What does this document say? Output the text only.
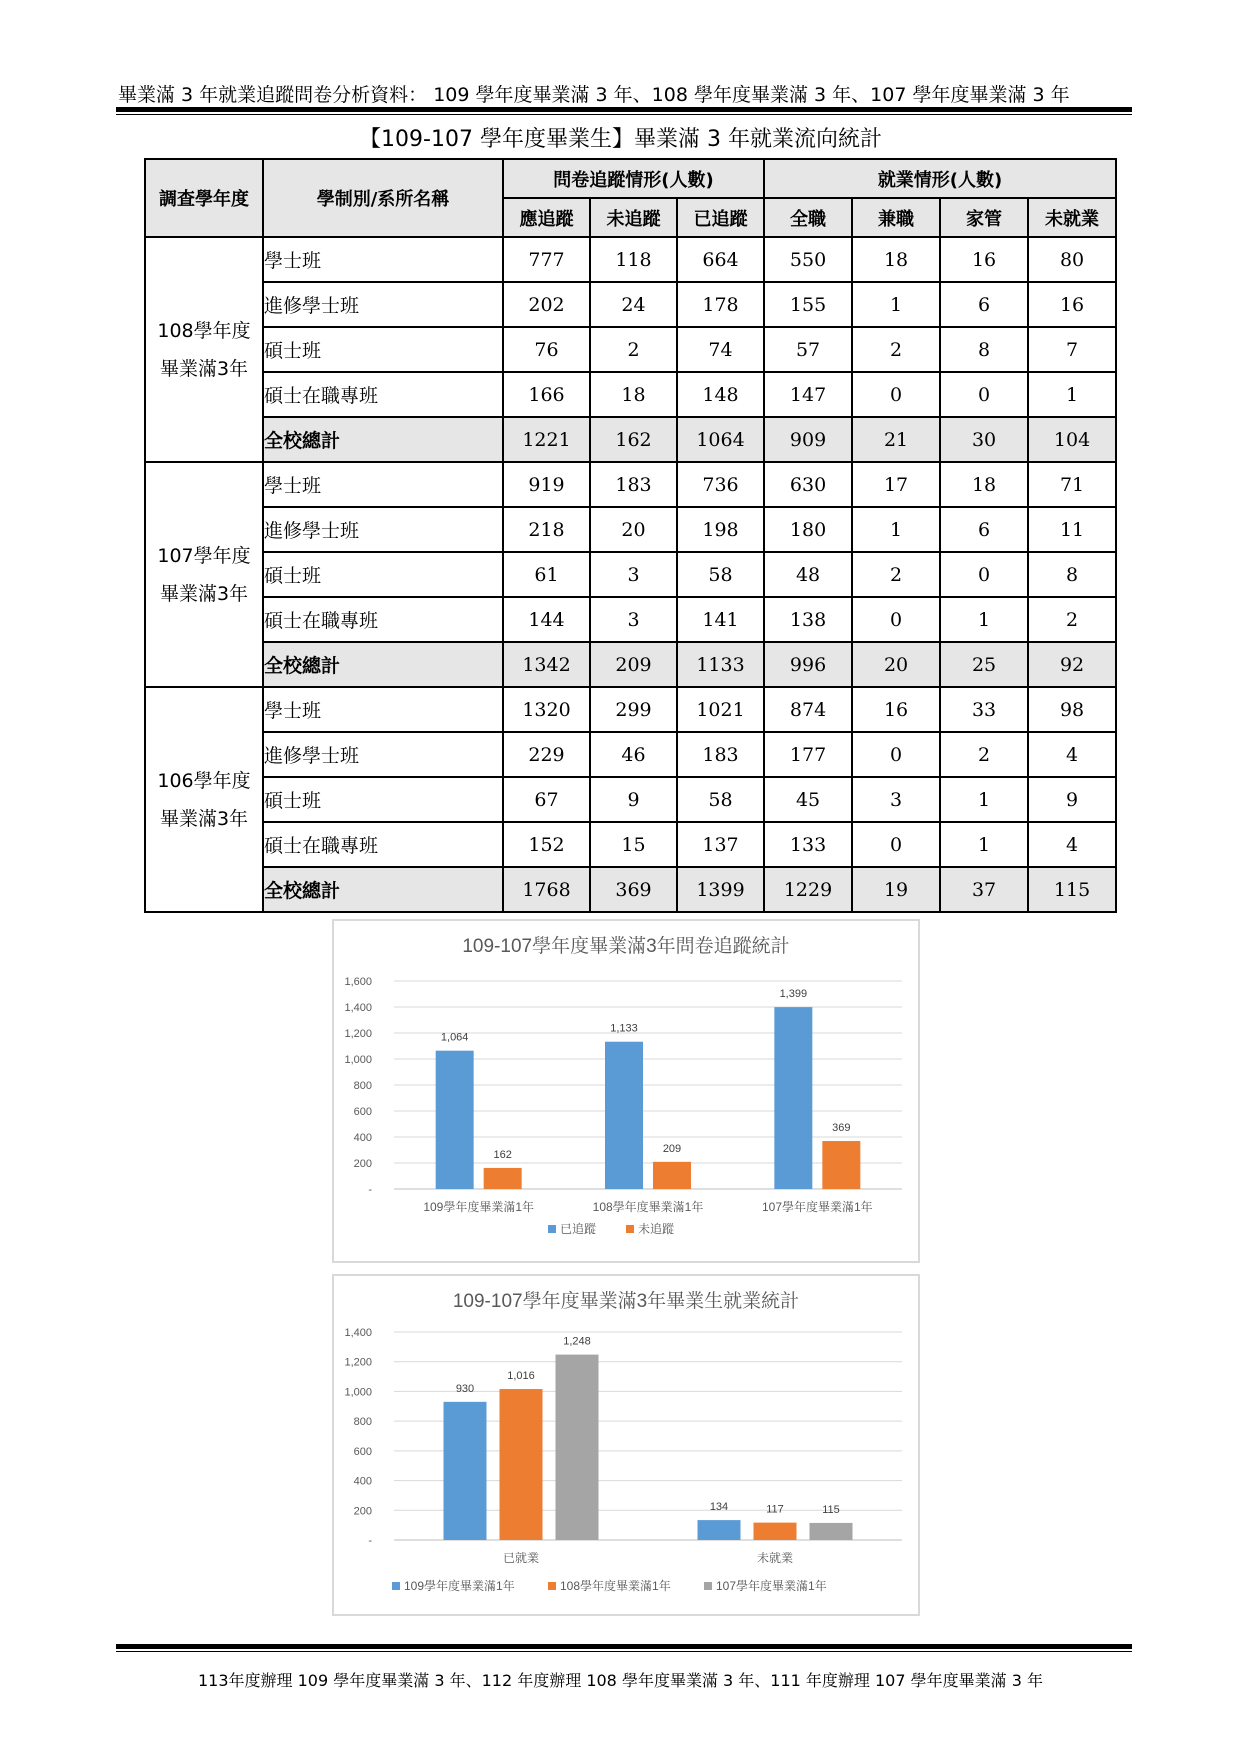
畢業滿 3 年就業追蹤問卷分析資料： 109 學年度畢業滿 3 年、108 學年度畢業滿 3 年、107 學年度畢業滿 3 年
【109-107 學年度畢業生】畢業滿 3 年就業流向統計
調查學年度	學制別/系所名稱	問卷追蹤情形(人數)			就業情形(人數)			
		應追蹤	未追蹤	已追蹤	全職	兼職	家管	未就業

108學年度
畢業滿3年	學士班	777	118	664	550	18	16	80
	進修學士班	202	24	178	155	1	6	16
	碩士班	76	2	74	57	2	8	7
	碩士在職專班	166	18	148	147	0	0	1
	全校總計	1221	162	1064	909	21	30	104

107學年度
畢業滿3年	學士班	919	183	736	630	17	18	71
	進修學士班	218	20	198	180	1	6	11
	碩士班	61	3	58	48	2	0	8
	碩士在職專班	144	3	141	138	0	1	2
	全校總計	1342	209	1133	996	20	25	92

106學年度
畢業滿3年	學士班	1320	299	1021	874	16	33	98
	進修學士班	229	46	183	177	0	2	4
	碩士班	67	9	58	45	3	1	9
	碩士在職專班	152	15	137	133	0	1	4
	全校總計	1768	369	1399	1229	19	37	115
109-107學年度畢業滿3年問卷追蹤統計
-
200
400
600
800
1,000
1,200
1,400
1,600
109學年度畢業滿1年
1,064
162
108學年度畢業滿1年
1,133
209
107學年度畢業滿1年
1,399
369
已追蹤	未追蹤
109-107學年度畢業滿3年畢業生就業統計
-
200
400
600
800
1,000
1,200
1,400
已就業
930
1,016
1,248
未就業
134	117	115
109學年度畢業滿1年	108學年度畢業滿1年	107學年度畢業滿1年
113年度辦理 109 學年度畢業滿 3 年、112 年度辦理 108 學年度畢業滿 3 年、111 年度辦理 107 學年度畢業滿 3 年
